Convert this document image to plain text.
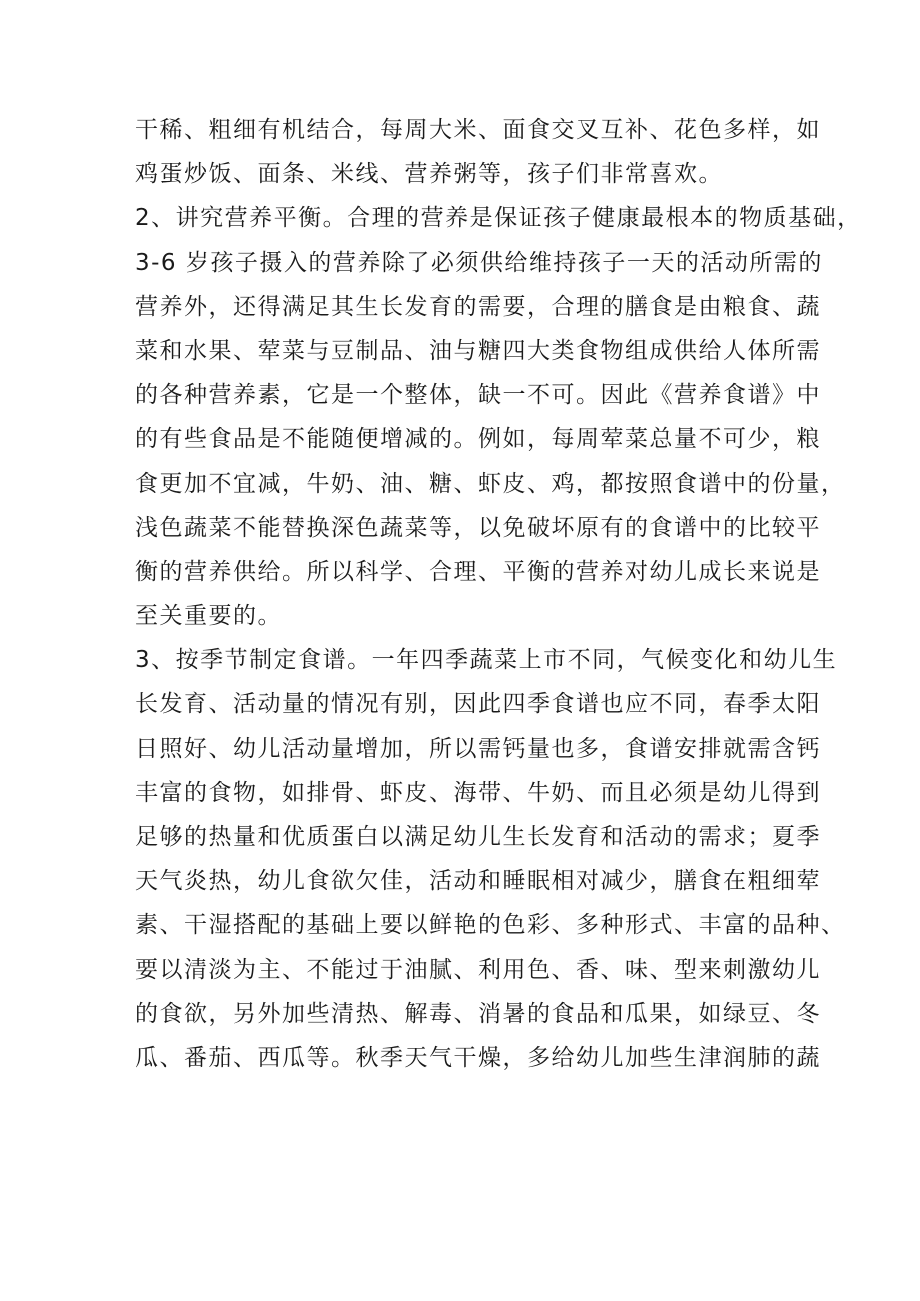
干稀、粗细有机结合，每周大米、面食交叉互补、花色多样，如
鸡蛋炒饭、面条、米线、营养粥等，孩子们非常喜欢。
2、讲究营养平衡。合理的营养是保证孩子健康最根本的物质基础，
3-6 岁孩子摄入的营养除了必须供给维持孩子一天的活动所需的
营养外，还得满足其生长发育的需要，合理的膳食是由粮食、蔬
菜和水果、荤菜与豆制品、油与糖四大类食物组成供给人体所需
的各种营养素，它是一个整体，缺一不可。因此《营养食谱》中
的有些食品是不能随便增减的。例如，每周荤菜总量不可少，粮
食更加不宜减，牛奶、油、糖、虾皮、鸡，都按照食谱中的份量，
浅色蔬菜不能替换深色蔬菜等，以免破坏原有的食谱中的比较平
衡的营养供给。所以科学、合理、平衡的营养对幼儿成长来说是
至关重要的。
3、按季节制定食谱。一年四季蔬菜上市不同，气候变化和幼儿生
长发育、活动量的情况有别，因此四季食谱也应不同，春季太阳
日照好、幼儿活动量增加，所以需钙量也多，食谱安排就需含钙
丰富的食物，如排骨、虾皮、海带、牛奶、而且必须是幼儿得到
足够的热量和优质蛋白以满足幼儿生长发育和活动的需求；夏季
天气炎热，幼儿食欲欠佳，活动和睡眠相对减少，膳食在粗细荤
素、干湿搭配的基础上要以鲜艳的色彩、多种形式、丰富的品种、
要以清淡为主、不能过于油腻、利用色、香、味、型来刺激幼儿
的食欲，另外加些清热、解毒、消暑的食品和瓜果，如绿豆、冬
瓜、番茄、西瓜等。秋季天气干燥，多给幼儿加些生津润肺的蔬
